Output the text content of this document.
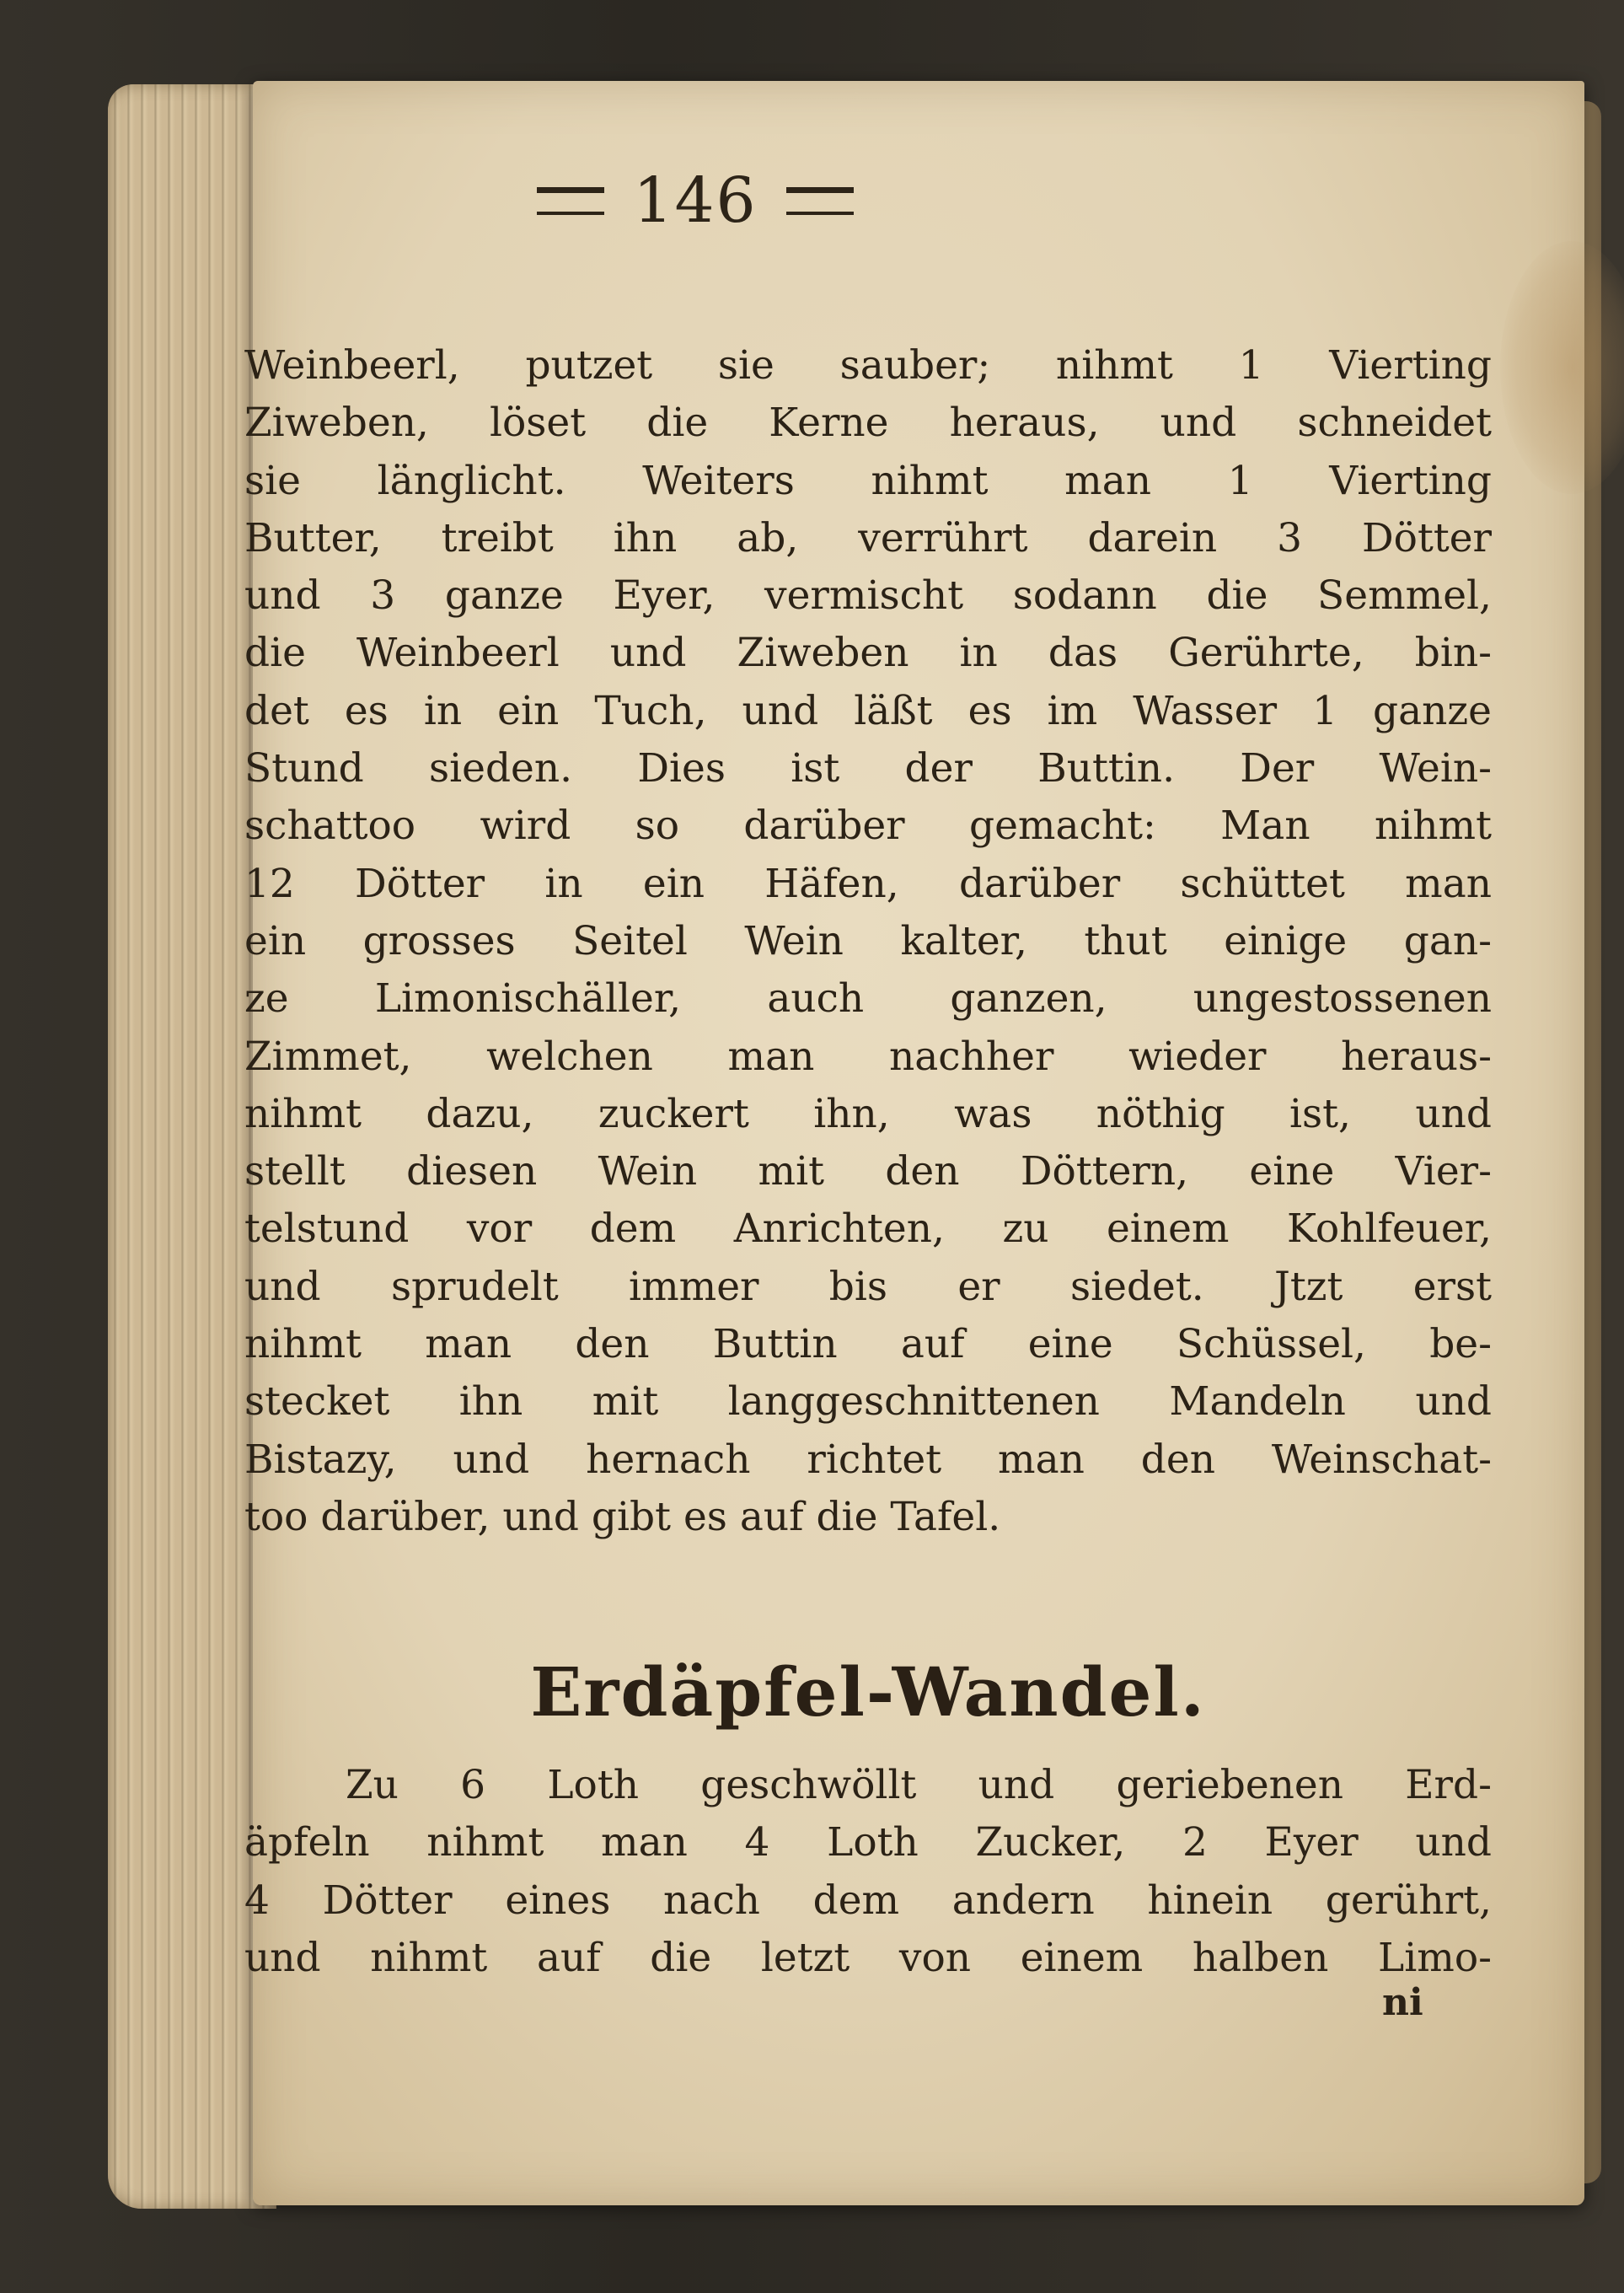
146
Weinbeerl, putzet sie sauber; nihmt 1 Vierting
Ziweben, löset die Kerne heraus, und schneidet
sie länglicht. Weiters nihmt man 1 Vierting
Butter, treibt ihn ab, verrührt darein 3 Dötter
und 3 ganze Eyer, vermischt sodann die Semmel,
die Weinbeerl und Ziweben in das Gerührte, bin-
det es in ein Tuch, und läßt es im Wasser 1 ganze
Stund sieden. Dies ist der Buttin. Der Wein-
schattoo wird so darüber gemacht: Man nihmt
12 Dötter in ein Häfen, darüber schüttet man
ein grosses Seitel Wein kalter, thut einige gan-
ze Limonischäller, auch ganzen, ungestossenen
Zimmet, welchen man nachher wieder heraus-
nihmt dazu, zuckert ihn, was nöthig ist, und
stellt diesen Wein mit den Döttern, eine Vier-
telstund vor dem Anrichten, zu einem Kohlfeuer,
und sprudelt immer bis er siedet. Jtzt erst
nihmt man den Buttin auf eine Schüssel, be-
stecket ihn mit langgeschnittenen Mandeln und
Bistazy, und hernach richtet man den Weinschat-
too darüber, und gibt es auf die Tafel.
Erdäpfel-Wandel.
Zu 6 Loth geschwöllt und geriebenen Erd-
äpfeln nihmt man 4 Loth Zucker, 2 Eyer und
4 Dötter eines nach dem andern hinein gerührt,
und nihmt auf die letzt von einem halben Limo-
ni
